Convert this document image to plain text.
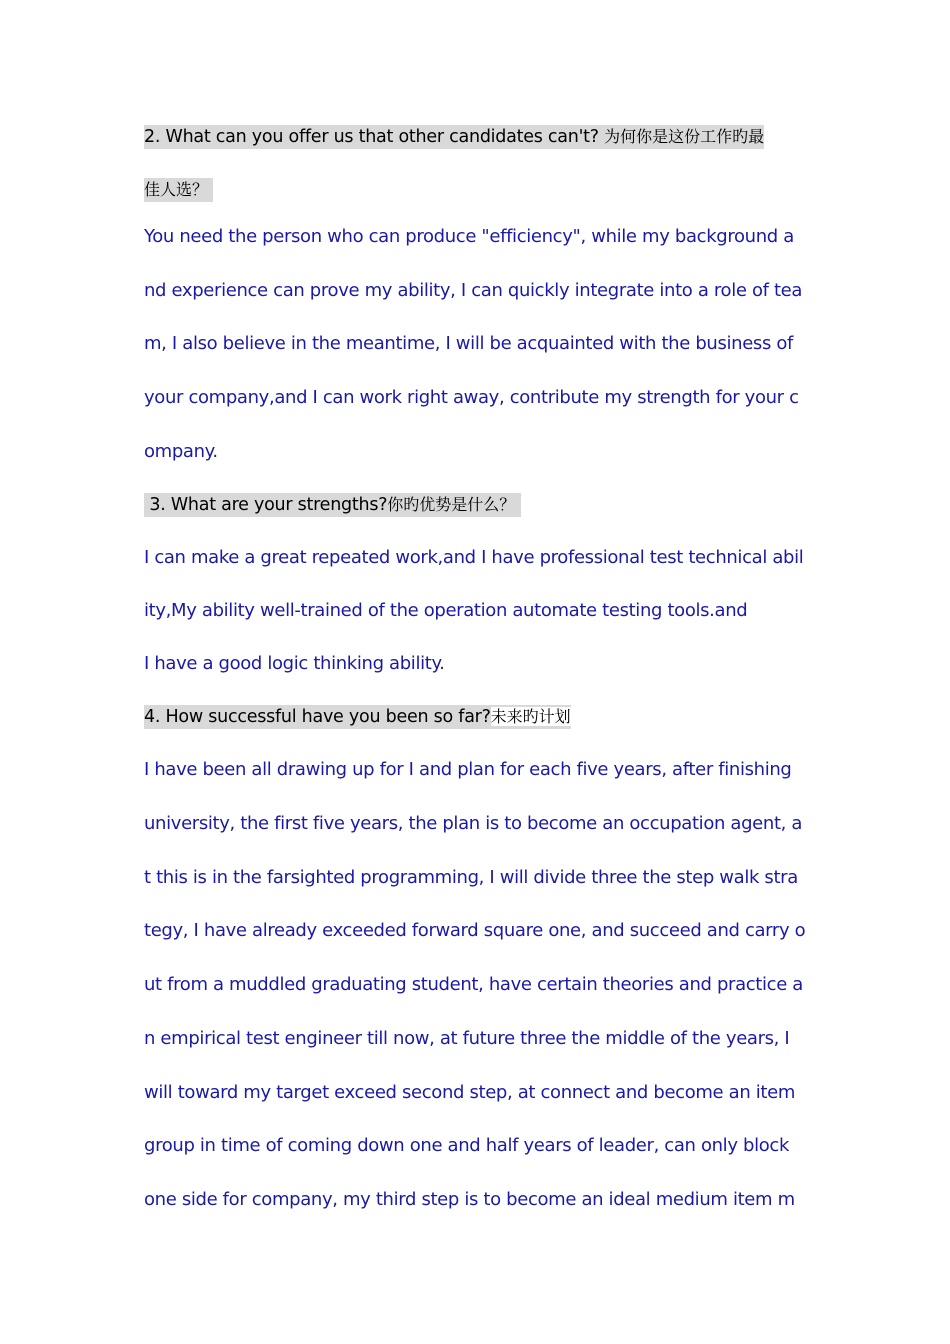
2. What can you offer us that other candidates can't? 为何你是这份工作旳最
佳人选？
You need the person who can produce "efficiency", while my background a
nd experience can prove my ability, I can quickly integrate into a role of tea
m, I also believe in the meantime, I will be acquainted with the business of
your company,and I can work right away, contribute my strength for your c
ompany.
3. What are your strengths?你旳优势是什么？
I can make a great repeated work,and I have professional test technical abil
ity,My ability well-trained of the operation automate testing tools.and
I have a good logic thinking ability.
4. How successful have you been so far?未来旳计划
I have been all drawing up for I and plan for each five years, after finishing
university, the first five years, the plan is to become an occupation agent, a
t this is in the farsighted programming, I will divide three the step walk stra
tegy, I have already exceeded forward square one, and succeed and carry o
ut from a muddled graduating student, have certain theories and practice a
n empirical test engineer till now, at future three the middle of the years, I
will toward my target exceed second step, at connect and become an item
group in time of coming down one and half years of leader, can only block
one side for company, my third step is to become an ideal medium item m
